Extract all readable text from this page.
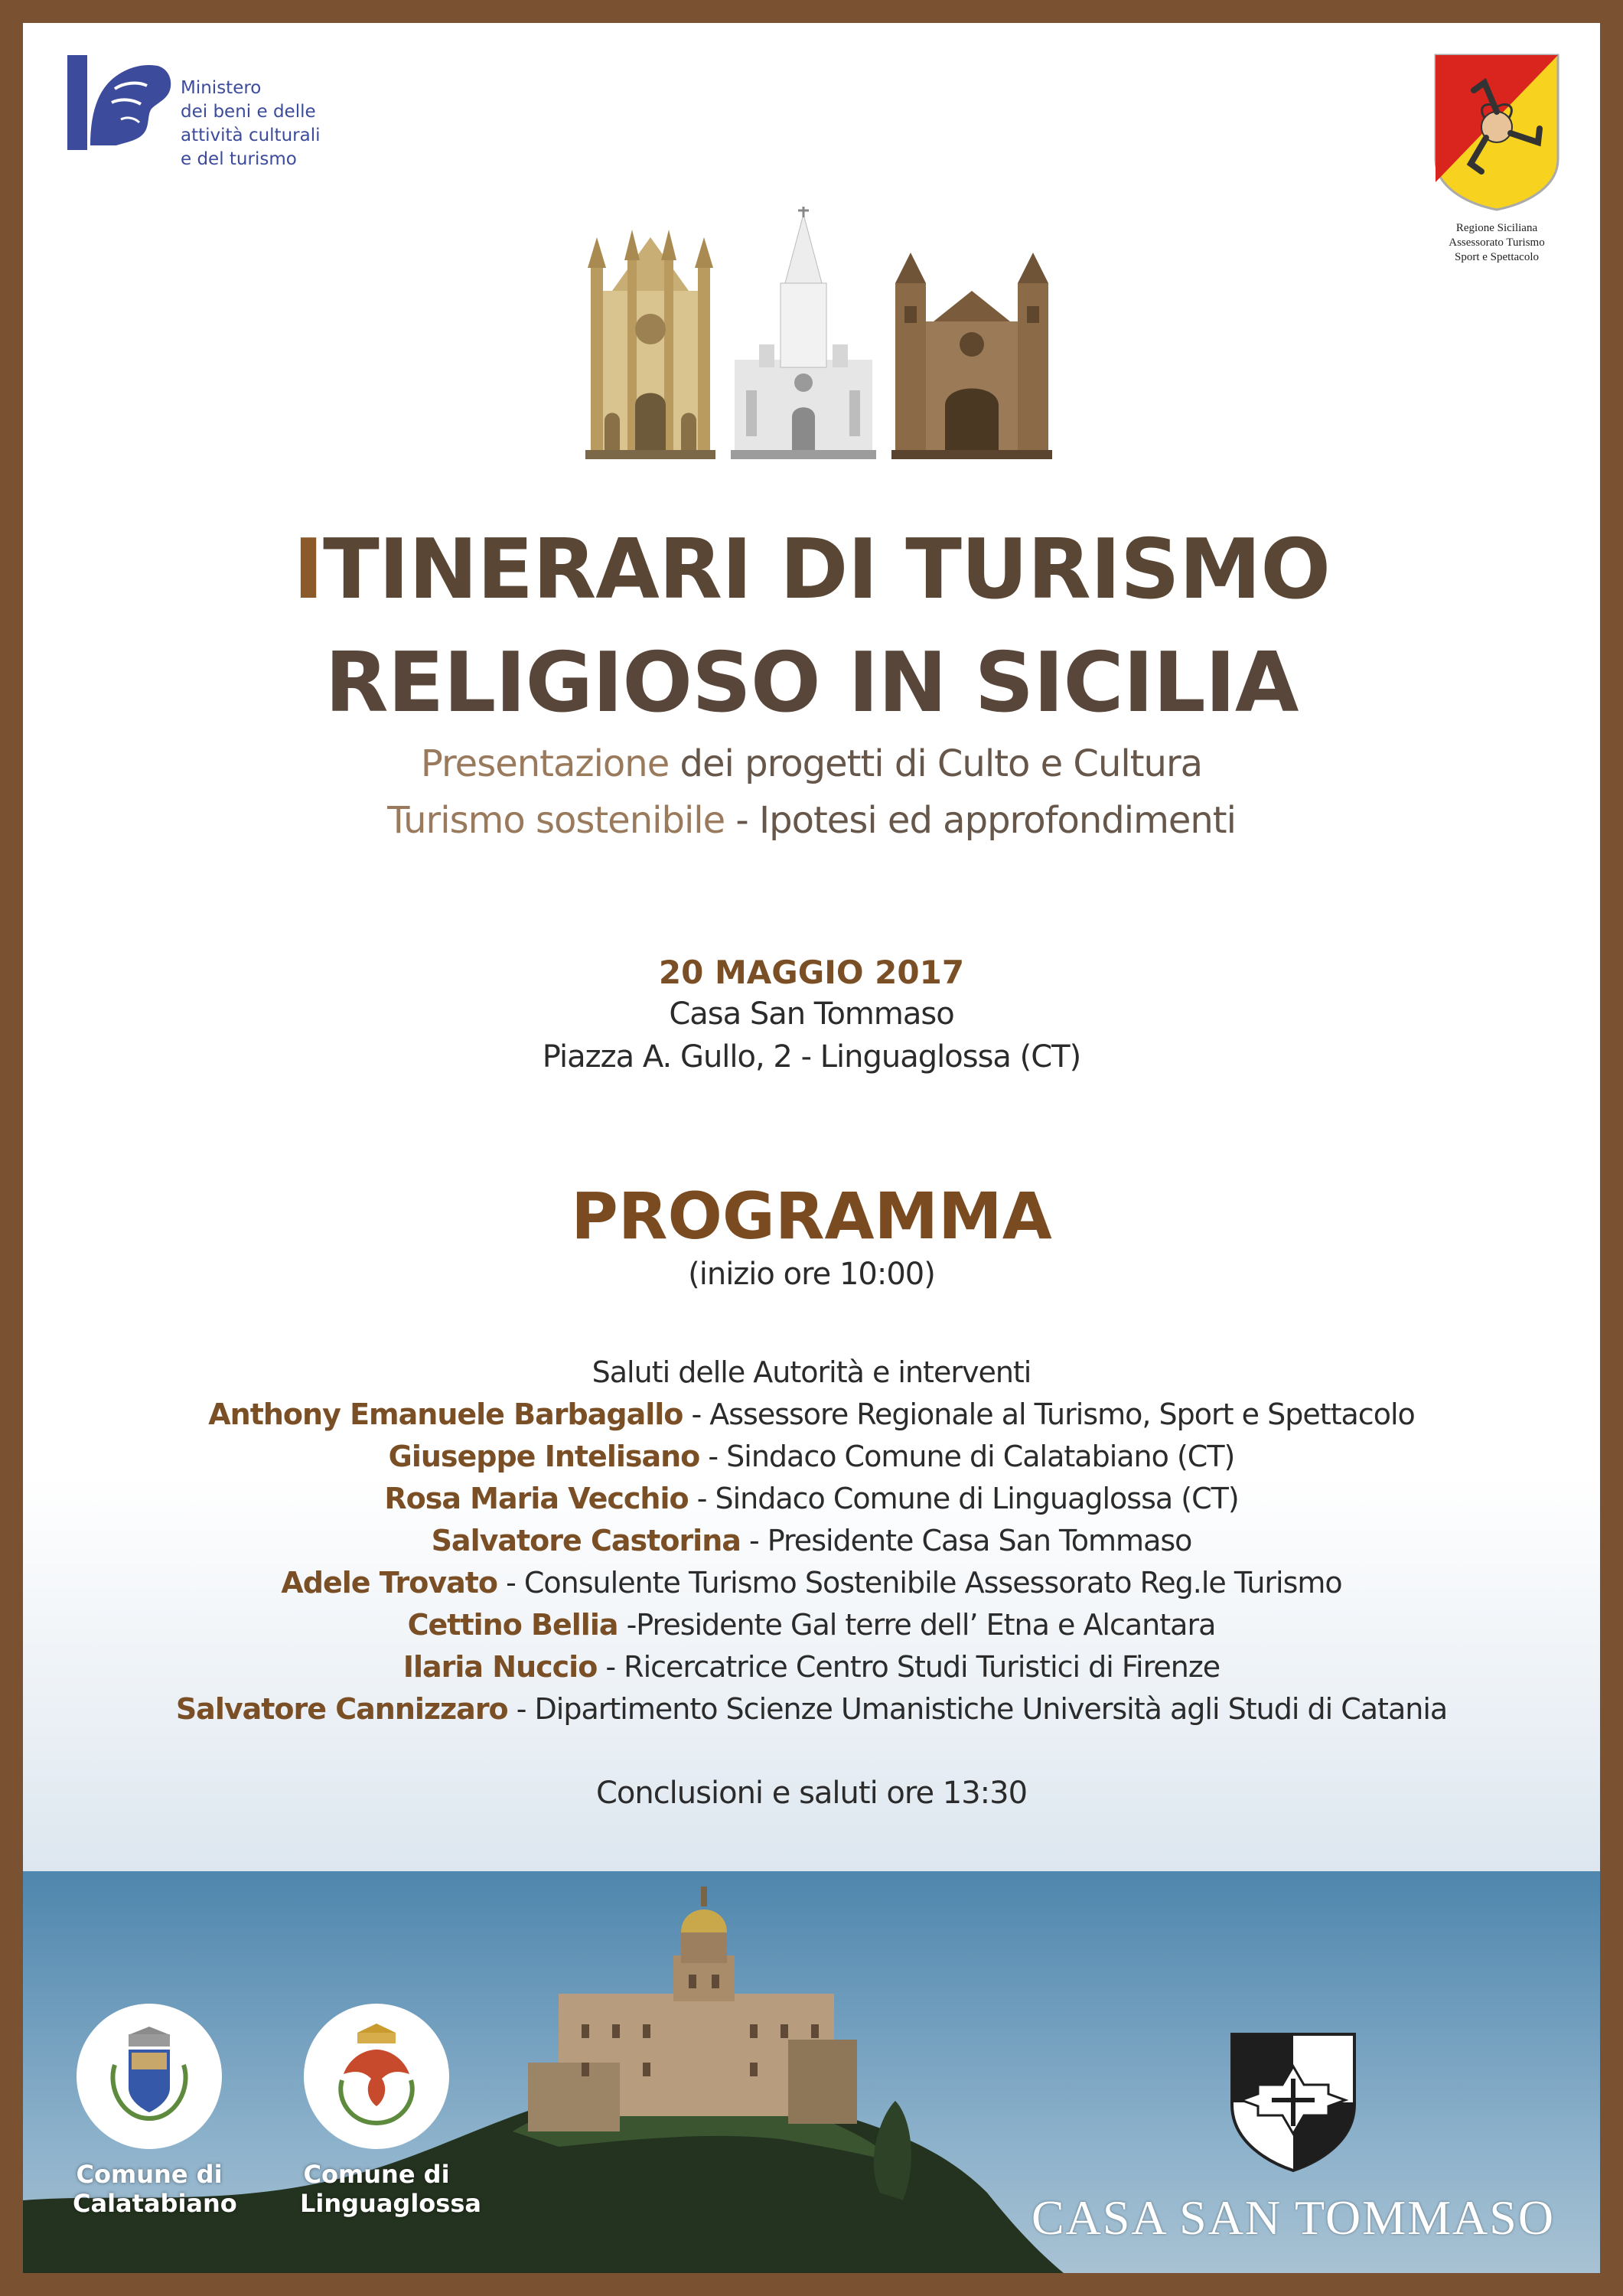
Ministero
dei beni e delle
attività culturali
e del turismo
Regione Siciliana
Assessorato Turismo
Sport e Spettacolo
ITINERARI DI TURISMO
RELIGIOSO IN SICILIA
Presentazione dei progetti di Culto e Cultura
Turismo sostenibile - Ipotesi ed approfondimenti
20 MAGGIO 2017
Casa San Tommaso
Piazza A. Gullo, 2 - Linguaglossa (CT)
PROGRAMMA
(inizio ore 10:00)
Saluti delle Autorità e interventi
Anthony Emanuele Barbagallo - Assessore Regionale al Turismo, Sport e Spettacolo
Giuseppe Intelisano - Sindaco Comune di Calatabiano (CT)
Rosa Maria Vecchio - Sindaco Comune di Linguaglossa (CT)
Salvatore Castorina - Presidente Casa San Tommaso
Adele Trovato - Consulente Turismo Sostenibile Assessorato Reg.le Turismo
Cettino Bellia -Presidente Gal terre dell’ Etna e Alcantara
Ilaria Nuccio - Ricercatrice Centro Studi Turistici di Firenze
Salvatore Cannizzaro - Dipartimento Scienze Umanistiche Università agli Studi di Catania
Conclusioni e saluti ore 13:30
Comune di
Calatabiano
Comune di
Linguaglossa	CASA SAN TOMMASO
